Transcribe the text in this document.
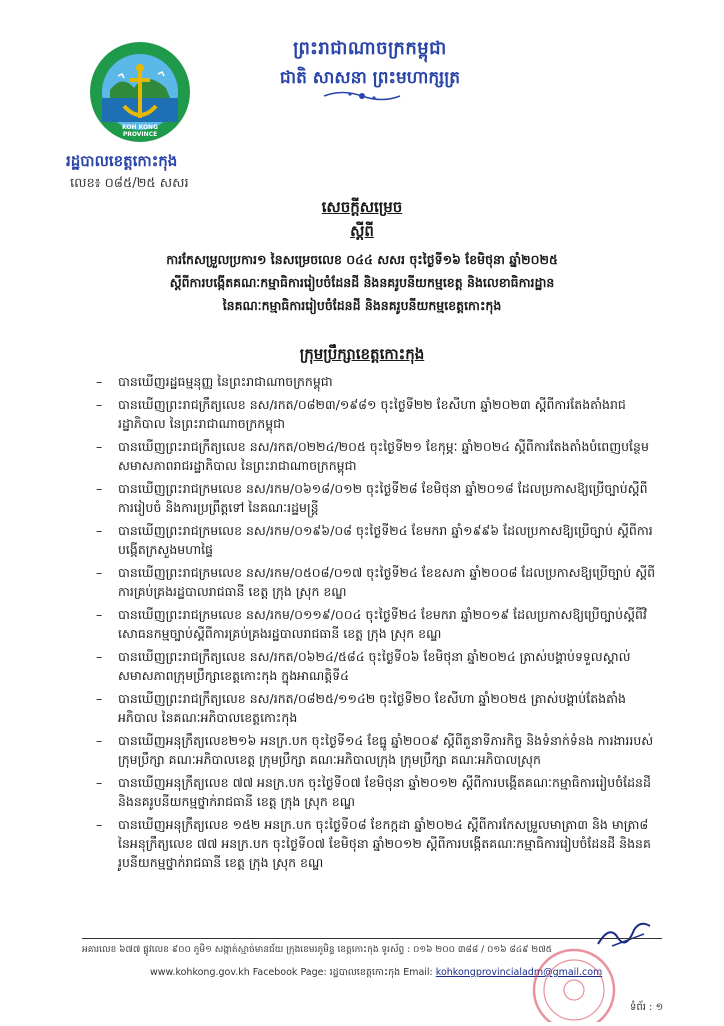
KOH KONG PROVINCE
រដ្ឋបាលខេត្តកោះកុង
លេខ៖ ០៨៥/២៥ សសរ
ព្រះរាជាណាចក្រកម្ពុជា
ជាតិ សាសនា ព្រះមហាក្សត្រ
សេចក្តីសម្រេច
ស្តីពី
ការកែសម្រួលប្រការ១ នៃសម្រេចលេខ ០៤៤ សសរ ចុះថ្ងៃទី១៦ ខែមិថុនា ឆ្នាំ២០២៥
ស្តីពីការបង្កើតគណៈកម្មាធិការរៀបចំដែនដី និងនគរូបនីយកម្មខេត្ត និងលេខាធិការដ្ឋាន
នៃគណៈកម្មាធិការរៀបចំដែនដី និងនគរូបនីយកម្មខេត្តកោះកុង
ក្រុមប្រឹក្សាខេត្តកោះកុង
– បានឃើញរដ្ឋធម្មនុញ្ញ នៃព្រះរាជាណាចក្រកម្ពុជា
– បានឃើញព្រះរាជក្រឹត្យលេខ នស/រកត/០៨២៣/១៩៨១ ចុះថ្ងៃទី២២ ខែសីហា ឆ្នាំ២០២៣ ស្តីពីការតែងតាំងរាជរដ្ឋាភិបាល នៃព្រះរាជាណាចក្រកម្ពុជា
– បានឃើញព្រះរាជក្រឹត្យលេខ នស/រកត/០២២៤/២០៥ ចុះថ្ងៃទី២១ ខែកុម្ភៈ ឆ្នាំ២០២៤ ស្តីពីការតែងតាំងបំពេញបន្ថែមសមាសភាពរាជរដ្ឋាភិបាល នៃព្រះរាជាណាចក្រកម្ពុជា
– បានឃើញព្រះរាជក្រមលេខ នស/រកម/០៦១៨/០១២ ចុះថ្ងៃទី២៨ ខែមិថុនា ឆ្នាំ២០១៨ ដែលប្រកាសឱ្យប្រើច្បាប់ស្តីពីការរៀបចំ និងការប្រព្រឹត្តទៅ នៃគណៈរដ្ឋមន្ត្រី
– បានឃើញព្រះរាជក្រមលេខ នស/រកម/០១៩៦/០៨ ចុះថ្ងៃទី២៤ ខែមករា ឆ្នាំ១៩៩៦ ដែលប្រកាសឱ្យប្រើច្បាប់ ស្តីពីការបង្កើតក្រសួងមហាផ្ទៃ
– បានឃើញព្រះរាជក្រមលេខ នស/រកម/០៥០៨/០១៧ ចុះថ្ងៃទី២៤ ខែឧសភា ឆ្នាំ២០០៨ ដែលប្រកាសឱ្យប្រើច្បាប់ ស្តីពីការគ្រប់គ្រងរដ្ឋបាលរាជធានី ខេត្ត ក្រុង ស្រុក ខណ្ឌ
– បានឃើញព្រះរាជក្រមលេខ នស/រកម/០១១៩/០០៤ ចុះថ្ងៃទី២៤ ខែមករា ឆ្នាំ២០១៩ ដែលប្រកាសឱ្យប្រើច្បាប់ស្តីពីវិសោធនកម្មច្បាប់ស្តីពីការគ្រប់គ្រងរដ្ឋបាលរាជធានី ខេត្ត ក្រុង ស្រុក ខណ្ឌ
– បានឃើញព្រះរាជក្រឹត្យលេខ នស/រកត/០៦២៤/៥៨៤ ចុះថ្ងៃទី០៦ ខែមិថុនា ឆ្នាំ២០២៤ ត្រាស់បង្គាប់ទទួលស្គាល់សមាសភាពក្រុមប្រឹក្សាខេត្តកោះកុង ក្នុងអាណត្តិទី៤
– បានឃើញព្រះរាជក្រឹត្យលេខ នស/រកត/០៨២៥/១១៤២ ចុះថ្ងៃទី២០ ខែសីហា ឆ្នាំ២០២៥ ត្រាស់បង្គាប់តែងតាំងអភិបាល នៃគណៈអភិបាលខេត្តកោះកុង
– បានឃើញអនុក្រឹត្យលេខ២១៦ អនក្រ.បក ចុះថ្ងៃទី១៤ ខែធ្នូ ឆ្នាំ២០០៩ ស្តីពីតួនាទីភារកិច្ច និងទំនាក់ទំនង ការងាររបស់ក្រុមប្រឹក្សា គណៈអភិបាលខេត្ត ក្រុមប្រឹក្សា គណៈអភិបាលក្រុង ក្រុមប្រឹក្សា គណៈអភិបាលស្រុក
– បានឃើញអនុក្រឹត្យលេខ ៧៧ អនក្រ.បក ចុះថ្ងៃទី០៧ ខែមិថុនា ឆ្នាំ២០១២ ស្តីពីការបង្កើតគណៈកម្មាធិការរៀបចំដែនដី និងនគរូបនីយកម្មថ្នាក់រាជធានី ខេត្ត ក្រុង ស្រុក ខណ្ឌ
– បានឃើញអនុក្រឹត្យលេខ ១៥២ អនក្រ.បក ចុះថ្ងៃទី០៨ ខែកក្កដា ឆ្នាំ២០២៤ ស្តីពីការកែសម្រួលមាត្រា៣ និង មាត្រា៨ នៃអនុក្រឹត្យលេខ ៧៧ អនក្រ.បក ចុះថ្ងៃទី០៧ ខែមិថុនា ឆ្នាំ២០១២ ស្តីពីការបង្កើតគណៈកម្មាធិការរៀបចំដែនដី និងនគរូបនីយកម្មថ្នាក់រាជធានី ខេត្ត ក្រុង ស្រុក ខណ្ឌ
អគារលេខ ៦៧៧ ផ្លូវលេខ ៩០០ ភូមិ១ សង្កាត់ស្មាច់មានជ័យ ក្រុងខេមរភូមិន្ទ ខេត្តកោះកុង ទូរស័ព្ទ : ០១៦ ២០០ ៣៨៨ / ០១៦ ៨៤៩ ២៧៥
www.kohkong.gov.kh Facebook Page: រដ្ឋបាលខេត្តកោះកុង Email: kohkongprovincialadm@gmail.com
ទំព័រ : ១
